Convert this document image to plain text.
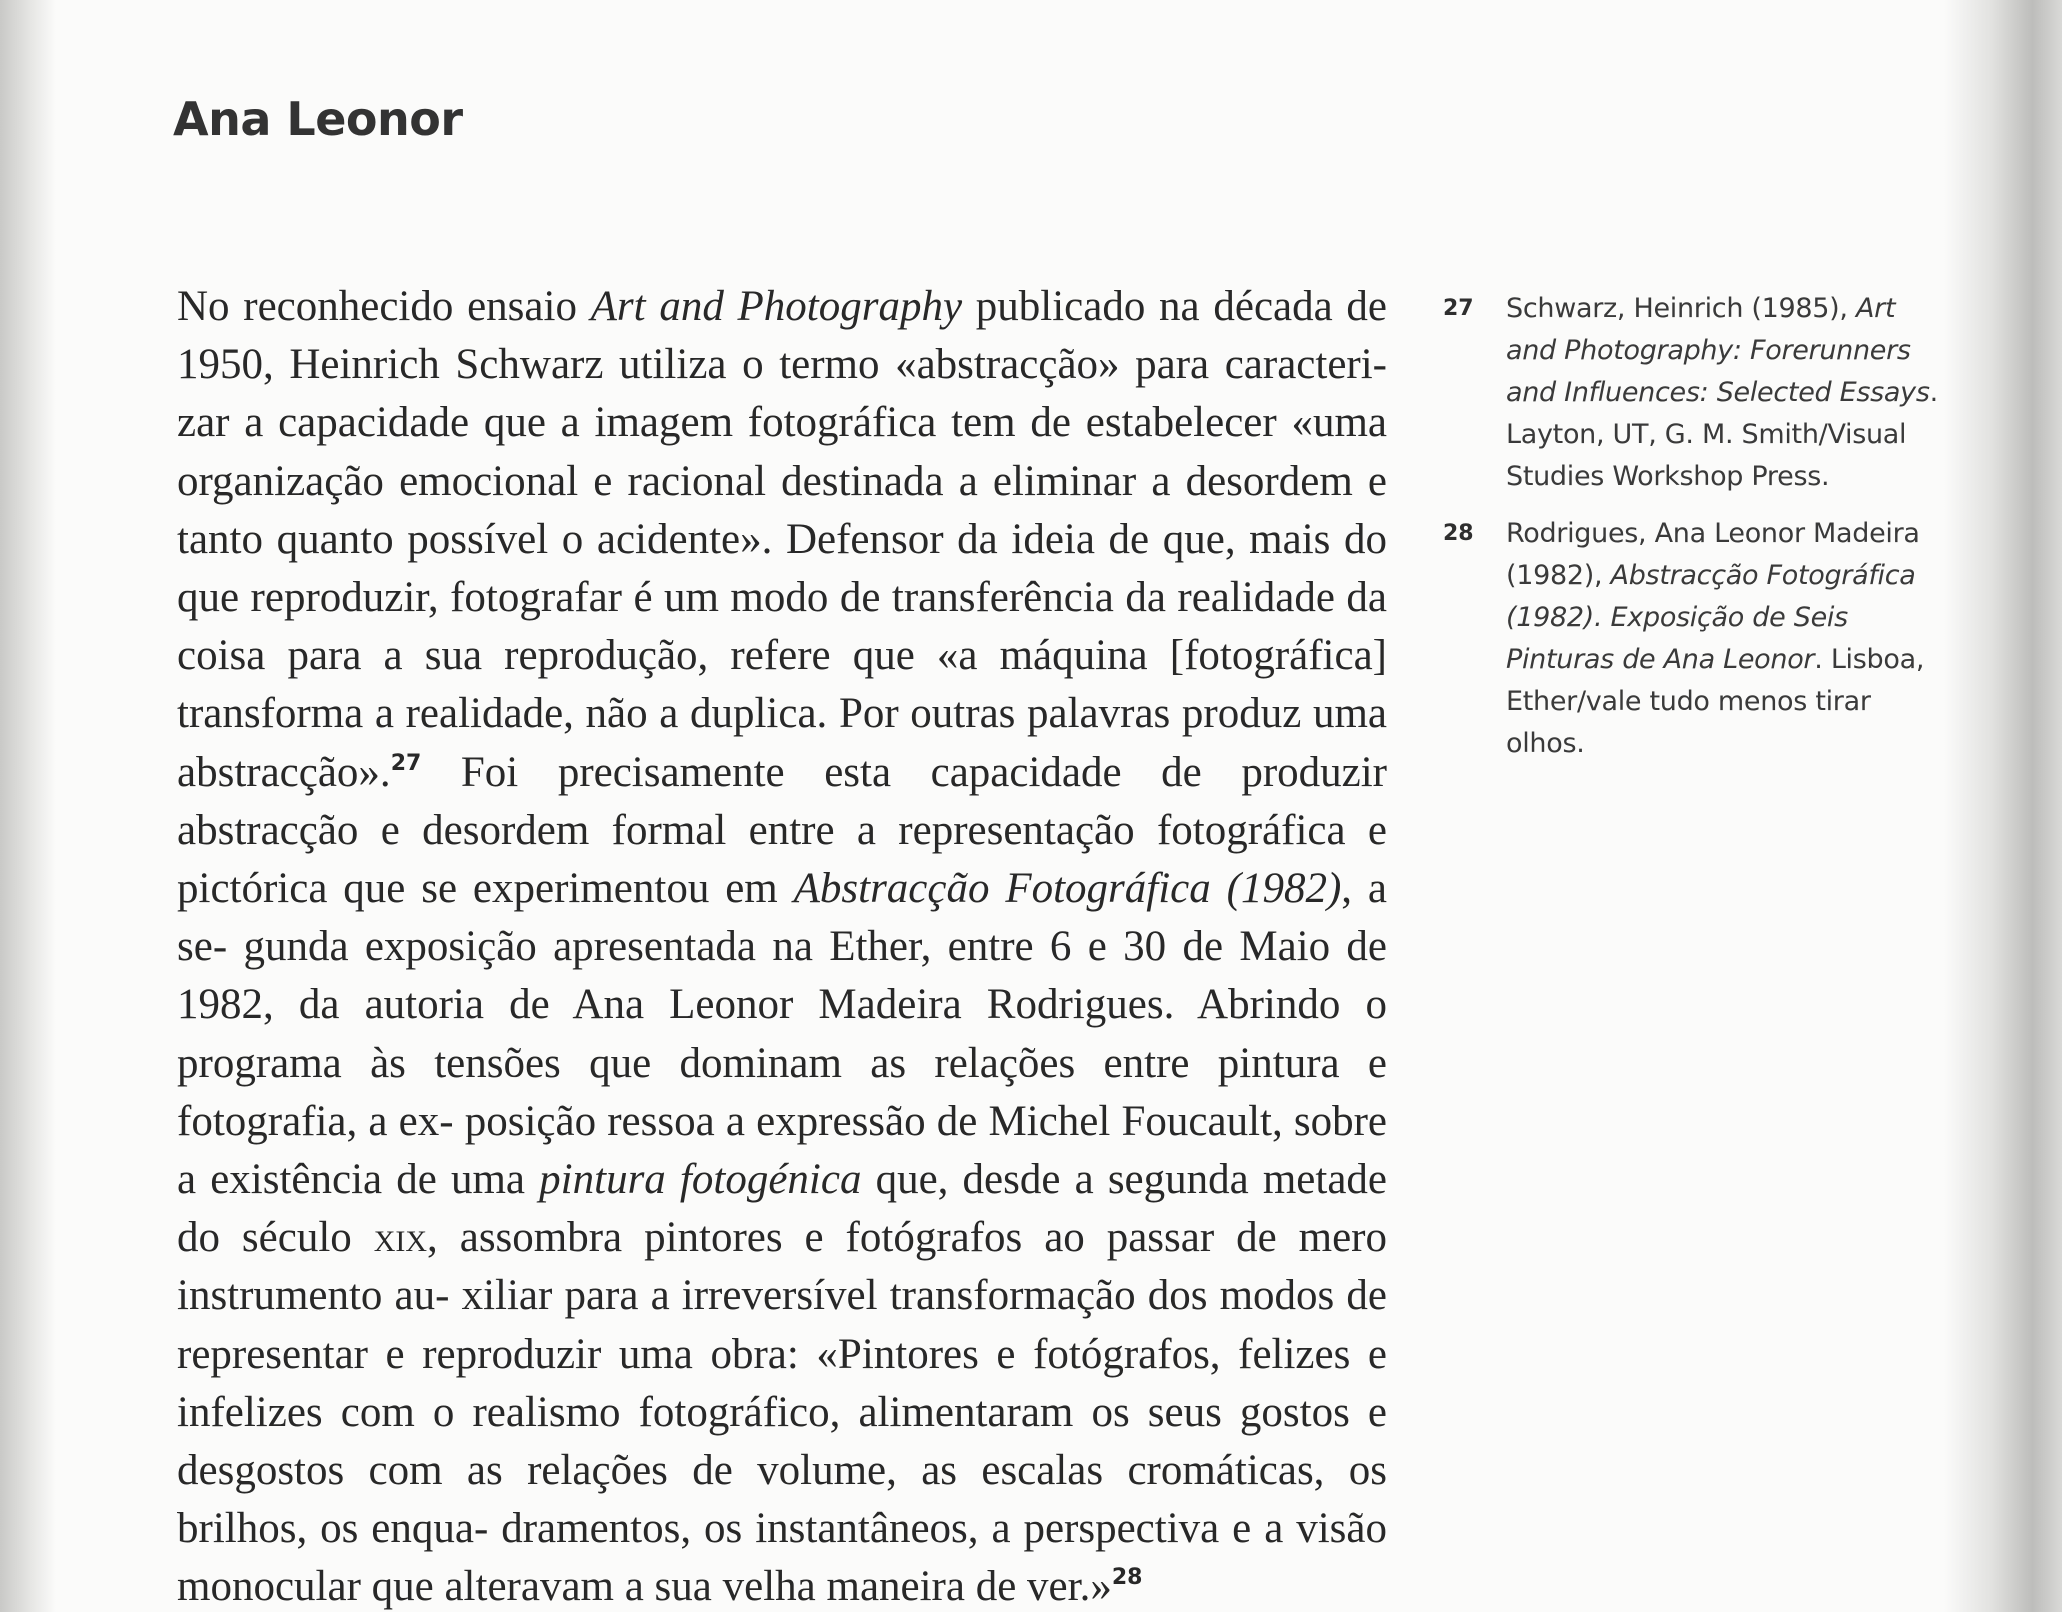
Ana Leonor

No reconhecido ensaio Art and Photography publicado na década de 1950, Heinrich Schwarz utiliza o termo «abstracção» para caracteri- zar a capacidade que a imagem fotográfica tem de estabelecer «uma organização emocional e racional destinada a eliminar a desordem e tanto quanto possível o acidente». Defensor da ideia de que, mais do que reproduzir, fotografar é um modo de transferência da realidade da coisa para a sua reprodução, refere que «a máquina [fotográfica] transforma a realidade, não a duplica. Por outras palavras produz uma abstracção».$^{27}$ Foi precisamente esta capacidade de produzir abstracção e desordem formal entre a representação fotográfica e pictórica que se experimentou em Abstracção Fotográfica (1982), a se- gunda exposição apresentada na Ether, entre 6 e 30 de Maio de 1982, da autoria de Ana Leonor Madeira Rodrigues. Abrindo o programa às tensões que dominam as relações entre pintura e fotografia, a ex- posição ressoa a expressão de Michel Foucault, sobre a existência de uma pintura fotogénica que, desde a segunda metade do século xix, assombra pintores e fotógrafos ao passar de mero instrumento au- xiliar para a irreversível transformação dos modos de representar e reproduzir uma obra: «Pintores e fotógrafos, felizes e infelizes com o realismo fotográfico, alimentaram os seus gostos e desgostos com as relações de volume, as escalas cromáticas, os brilhos, os enqua- dramentos, os instantâneos, a perspectiva e a visão monocular que alteravam a sua velha maneira de ver.»$^{28}$

27	Schwarz, Heinrich (1985), Art and Photography: Forerunners and Influences: Selected Essays. Layton, UT, G. M. Smith/Visual Studies Workshop Press.
28	Rodrigues, Ana Leonor Madeira (1982), Abstracção Fotográfica (1982). Exposição de Seis Pinturas de Ana Leonor. Lisboa, Ether/vale tudo menos tirar olhos.
